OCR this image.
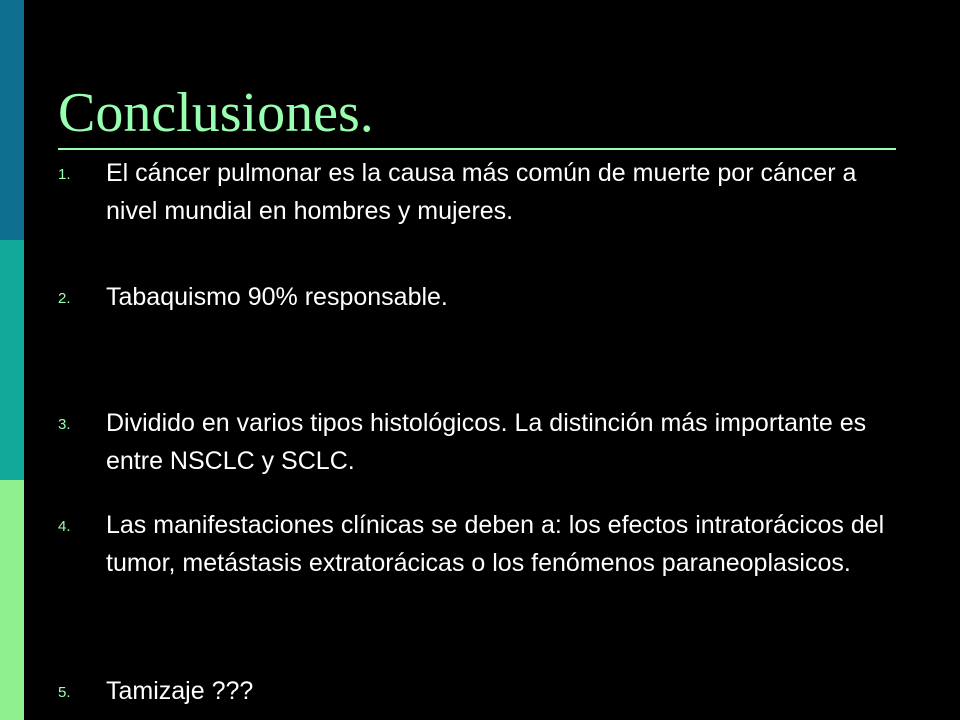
Conclusiones.
1.	El cáncer pulmonar es la causa más común de muerte por cáncer a nivel mundial en hombres y mujeres.
2.	Tabaquismo 90% responsable.
3.	Dividido en varios tipos histológicos. La distinción más importante es entre NSCLC y SCLC.
4.	Las manifestaciones clínicas se deben a: los efectos intratorácicos del tumor, metástasis extratorácicas o los fenómenos paraneoplasicos.
5.	Tamizaje ???
